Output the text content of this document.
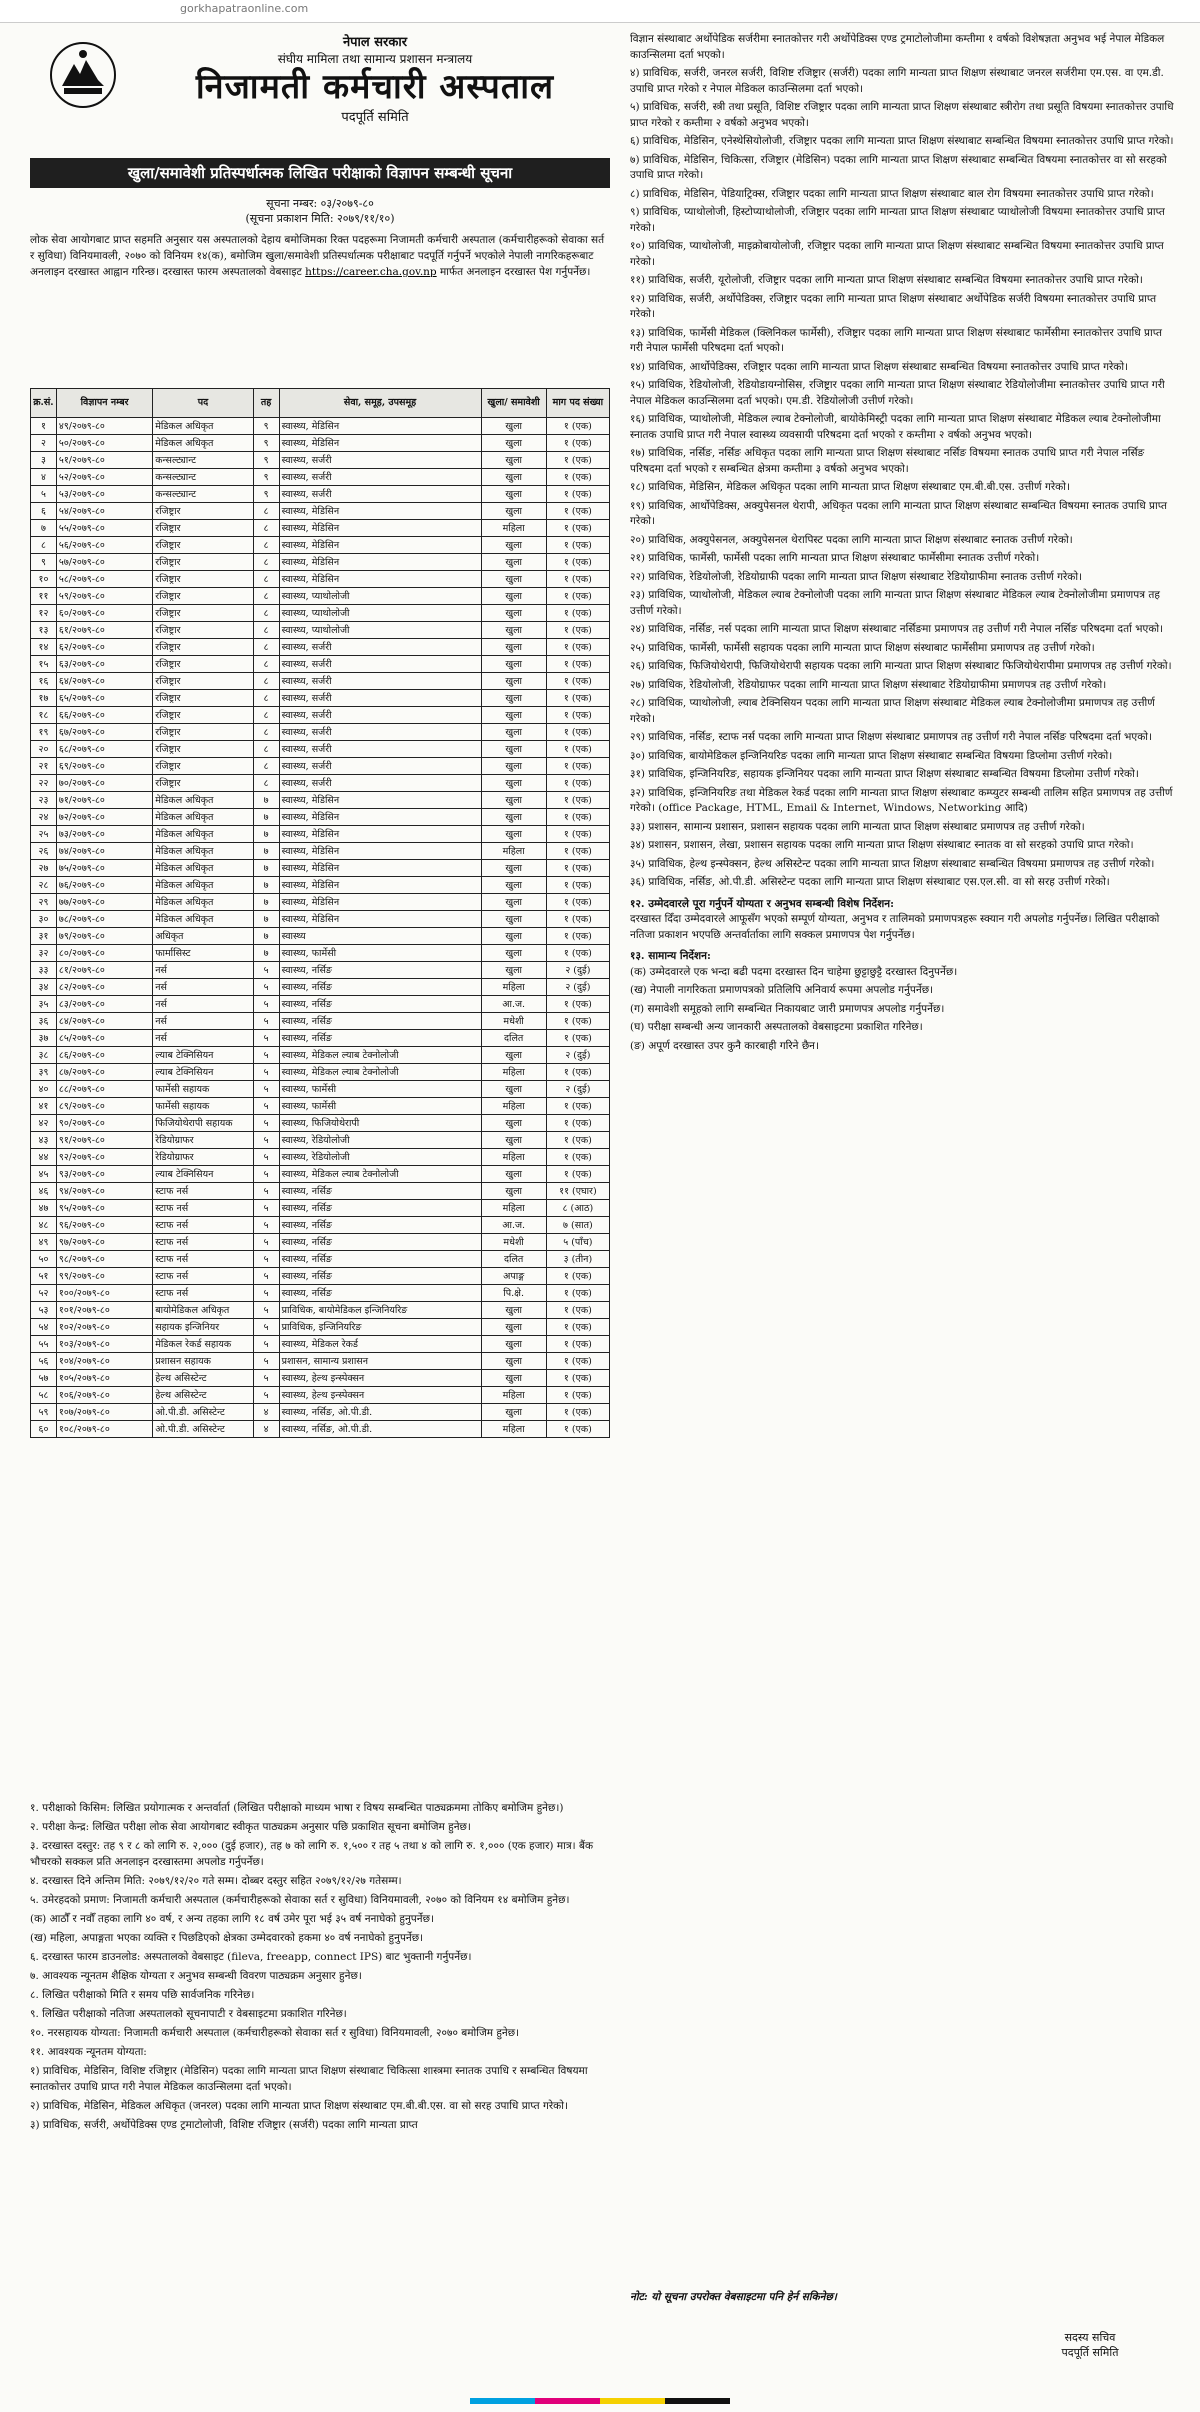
gorkhapatraonline.com
नेपाल सरकार
संघीय मामिला तथा सामान्य प्रशासन मन्त्रालय
निजामती कर्मचारी अस्पताल
पदपूर्ति समिति
खुला/समावेशी प्रतिस्पर्धात्मक लिखित परीक्षाको विज्ञापन सम्बन्धी सूचना
सूचना नम्बर: ०३/२०७९-८०
(सूचना प्रकाशन मिति: २०७९/११/१०)
लोक सेवा आयोगबाट प्राप्त सहमति अनुसार यस अस्पतालको देहाय बमोजिमका रिक्त पदहरूमा निजामती कर्मचारी अस्पताल (कर्मचारीहरूको सेवाका सर्त र सुविधा) विनियमावली, २०७० को विनियम १४(क), बमोजिम खुला/समावेशी प्रतिस्पर्धात्मक परीक्षाबाट पदपूर्ति गर्नुपर्ने भएकोले नेपाली नागरिकहरूबाट अनलाइन दरखास्त आह्वान गरिन्छ। दरखास्त फारम अस्पतालको वेबसाइट https://career.cha.gov.np मार्फत अनलाइन दरखास्त पेश गर्नुपर्नेछ।
क्र.सं.	विज्ञापन नम्बर	पद	तह	सेवा, समूह, उपसमूह	खुला/ समावेशी	माग पद संख्या
१	४९/२०७९-८०	मेडिकल अधिकृत	९	स्वास्थ्य, मेडिसिन	खुला	१ (एक)
२	५०/२०७९-८०	मेडिकल अधिकृत	९	स्वास्थ्य, मेडिसिन	खुला	१ (एक)
३	५१/२०७९-८०	कन्सल्ट्यान्ट	९	स्वास्थ्य, सर्जरी	खुला	१ (एक)
४	५२/२०७९-८०	कन्सल्ट्यान्ट	९	स्वास्थ्य, सर्जरी	खुला	१ (एक)
५	५३/२०७९-८०	कन्सल्ट्यान्ट	९	स्वास्थ्य, सर्जरी	खुला	१ (एक)
६	५४/२०७९-८०	रजिष्ट्रार	८	स्वास्थ्य, मेडिसिन	खुला	१ (एक)
७	५५/२०७९-८०	रजिष्ट्रार	८	स्वास्थ्य, मेडिसिन	महिला	१ (एक)
८	५६/२०७९-८०	रजिष्ट्रार	८	स्वास्थ्य, मेडिसिन	खुला	१ (एक)
९	५७/२०७९-८०	रजिष्ट्रार	८	स्वास्थ्य, मेडिसिन	खुला	१ (एक)
१०	५८/२०७९-८०	रजिष्ट्रार	८	स्वास्थ्य, मेडिसिन	खुला	१ (एक)
११	५९/२०७९-८०	रजिष्ट्रार	८	स्वास्थ्य, प्याथोलोजी	खुला	१ (एक)
१२	६०/२०७९-८०	रजिष्ट्रार	८	स्वास्थ्य, प्याथोलोजी	खुला	१ (एक)
१३	६१/२०७९-८०	रजिष्ट्रार	८	स्वास्थ्य, प्याथोलोजी	खुला	१ (एक)
१४	६२/२०७९-८०	रजिष्ट्रार	८	स्वास्थ्य, सर्जरी	खुला	१ (एक)
१५	६३/२०७९-८०	रजिष्ट्रार	८	स्वास्थ्य, सर्जरी	खुला	१ (एक)
१६	६४/२०७९-८०	रजिष्ट्रार	८	स्वास्थ्य, सर्जरी	खुला	१ (एक)
१७	६५/२०७९-८०	रजिष्ट्रार	८	स्वास्थ्य, सर्जरी	खुला	१ (एक)
१८	६६/२०७९-८०	रजिष्ट्रार	८	स्वास्थ्य, सर्जरी	खुला	१ (एक)
१९	६७/२०७९-८०	रजिष्ट्रार	८	स्वास्थ्य, सर्जरी	खुला	१ (एक)
२०	६८/२०७९-८०	रजिष्ट्रार	८	स्वास्थ्य, सर्जरी	खुला	१ (एक)
२१	६९/२०७९-८०	रजिष्ट्रार	८	स्वास्थ्य, सर्जरी	खुला	१ (एक)
२२	७०/२०७९-८०	रजिष्ट्रार	८	स्वास्थ्य, सर्जरी	खुला	१ (एक)
२३	७१/२०७९-८०	मेडिकल अधिकृत	७	स्वास्थ्य, मेडिसिन	खुला	१ (एक)
२४	७२/२०७९-८०	मेडिकल अधिकृत	७	स्वास्थ्य, मेडिसिन	खुला	१ (एक)
२५	७३/२०७९-८०	मेडिकल अधिकृत	७	स्वास्थ्य, मेडिसिन	खुला	१ (एक)
२६	७४/२०७९-८०	मेडिकल अधिकृत	७	स्वास्थ्य, मेडिसिन	महिला	१ (एक)
२७	७५/२०७९-८०	मेडिकल अधिकृत	७	स्वास्थ्य, मेडिसिन	खुला	१ (एक)
२८	७६/२०७९-८०	मेडिकल अधिकृत	७	स्वास्थ्य, मेडिसिन	खुला	१ (एक)
२९	७७/२०७९-८०	मेडिकल अधिकृत	७	स्वास्थ्य, मेडिसिन	खुला	१ (एक)
३०	७८/२०७९-८०	मेडिकल अधिकृत	७	स्वास्थ्य, मेडिसिन	खुला	१ (एक)
३१	७९/२०७९-८०	अधिकृत	७	स्वास्थ्य	खुला	१ (एक)
३२	८०/२०७९-८०	फार्मासिस्ट	७	स्वास्थ्य, फार्मेसी	खुला	१ (एक)
३३	८१/२०७९-८०	नर्स	५	स्वास्थ्य, नर्सिङ	खुला	२ (दुई)
३४	८२/२०७९-८०	नर्स	५	स्वास्थ्य, नर्सिङ	महिला	२ (दुई)
३५	८३/२०७९-८०	नर्स	५	स्वास्थ्य, नर्सिङ	आ.ज.	१ (एक)
३६	८४/२०७९-८०	नर्स	५	स्वास्थ्य, नर्सिङ	मधेशी	१ (एक)
३७	८५/२०७९-८०	नर्स	५	स्वास्थ्य, नर्सिङ	दलित	१ (एक)
३८	८६/२०७९-८०	ल्याब टेक्निसियन	५	स्वास्थ्य, मेडिकल ल्याब टेक्नोलोजी	खुला	२ (दुई)
३९	८७/२०७९-८०	ल्याब टेक्निसियन	५	स्वास्थ्य, मेडिकल ल्याब टेक्नोलोजी	महिला	१ (एक)
४०	८८/२०७९-८०	फार्मेसी सहायक	५	स्वास्थ्य, फार्मेसी	खुला	२ (दुई)
४१	८९/२०७९-८०	फार्मेसी सहायक	५	स्वास्थ्य, फार्मेसी	महिला	१ (एक)
४२	९०/२०७९-८०	फिजियोथेरापी सहायक	५	स्वास्थ्य, फिजियोथेरापी	खुला	१ (एक)
४३	९१/२०७९-८०	रेडियोग्राफर	५	स्वास्थ्य, रेडियोलोजी	खुला	१ (एक)
४४	९२/२०७९-८०	रेडियोग्राफर	५	स्वास्थ्य, रेडियोलोजी	महिला	१ (एक)
४५	९३/२०७९-८०	ल्याब टेक्निसियन	५	स्वास्थ्य, मेडिकल ल्याब टेक्नोलोजी	खुला	१ (एक)
४६	९४/२०७९-८०	स्टाफ नर्स	५	स्वास्थ्य, नर्सिङ	खुला	११ (एघार)
४७	९५/२०७९-८०	स्टाफ नर्स	५	स्वास्थ्य, नर्सिङ	महिला	८ (आठ)
४८	९६/२०७९-८०	स्टाफ नर्स	५	स्वास्थ्य, नर्सिङ	आ.ज.	७ (सात)
४९	९७/२०७९-८०	स्टाफ नर्स	५	स्वास्थ्य, नर्सिङ	मधेशी	५ (पाँच)
५०	९८/२०७९-८०	स्टाफ नर्स	५	स्वास्थ्य, नर्सिङ	दलित	३ (तीन)
५१	९९/२०७९-८०	स्टाफ नर्स	५	स्वास्थ्य, नर्सिङ	अपाङ्ग	१ (एक)
५२	१००/२०७९-८०	स्टाफ नर्स	५	स्वास्थ्य, नर्सिङ	पि.क्षे.	१ (एक)
५३	१०१/२०७९-८०	बायोमेडिकल अधिकृत	५	प्राविधिक, बायोमेडिकल इन्जिनियरिङ	खुला	१ (एक)
५४	१०२/२०७९-८०	सहायक इन्जिनियर	५	प्राविधिक, इन्जिनियरिङ	खुला	१ (एक)
५५	१०३/२०७९-८०	मेडिकल रेकर्ड सहायक	५	स्वास्थ्य, मेडिकल रेकर्ड	खुला	१ (एक)
५६	१०४/२०७९-८०	प्रशासन सहायक	५	प्रशासन, सामान्य प्रशासन	खुला	१ (एक)
५७	१०५/२०७९-८०	हेल्थ असिस्टेन्ट	५	स्वास्थ्य, हेल्थ इन्स्पेक्सन	खुला	१ (एक)
५८	१०६/२०७९-८०	हेल्थ असिस्टेन्ट	५	स्वास्थ्य, हेल्थ इन्स्पेक्सन	महिला	१ (एक)
५९	१०७/२०७९-८०	ओ.पी.डी. असिस्टेन्ट	४	स्वास्थ्य, नर्सिङ, ओ.पी.डी.	खुला	१ (एक)
६०	१०८/२०७९-८०	ओ.पी.डी. असिस्टेन्ट	४	स्वास्थ्य, नर्सिङ, ओ.पी.डी.	महिला	१ (एक)

१. परीक्षाको किसिम: लिखित प्रयोगात्मक र अन्तर्वार्ता (लिखित परीक्षाको माध्यम भाषा र विषय सम्बन्धित पाठ्यक्रममा तोकिए बमोजिम हुनेछ।)

२. परीक्षा केन्द्र: लिखित परीक्षा लोक सेवा आयोगबाट स्वीकृत पाठ्यक्रम अनुसार पछि प्रकाशित सूचना बमोजिम हुनेछ।

३. दरखास्त दस्तुर: तह ९ र ८ को लागि रु. २,००० (दुई हजार), तह ७ को लागि रु. १,५०० र तह ५ तथा ४ को लागि रु. १,००० (एक हजार) मात्र। बैंक भौचरको सक्कल प्रति अनलाइन दरखास्तमा अपलोड गर्नुपर्नेछ।

४. दरखास्त दिने अन्तिम मिति: २०७९/१२/२० गते सम्म। दोब्बर दस्तुर सहित २०७९/१२/२७ गतेसम्म।

५. उमेरहदको प्रमाण: निजामती कर्मचारी अस्पताल (कर्मचारीहरूको सेवाका सर्त र सुविधा) विनियमावली, २०७० को विनियम १४ बमोजिम हुनेछ।

(क) आठौँ र नवौँ तहका लागि ४० वर्ष, र अन्य तहका लागि १८ वर्ष उमेर पूरा भई ३५ वर्ष ननाघेको हुनुपर्नेछ।

(ख) महिला, अपाङ्गता भएका व्यक्ति र पिछडिएको क्षेत्रका उम्मेदवारको हकमा ४० वर्ष ननाघेको हुनुपर्नेछ।

६. दरखास्त फारम डाउनलोड: अस्पतालको वेबसाइट (fileva, freeapp, connect IPS) बाट भुक्तानी गर्नुपर्नेछ।

७. आवश्यक न्यूनतम शैक्षिक योग्यता र अनुभव सम्बन्धी विवरण पाठ्यक्रम अनुसार हुनेछ।

८. लिखित परीक्षाको मिति र समय पछि सार्वजनिक गरिनेछ।

९. लिखित परीक्षाको नतिजा अस्पतालको सूचनापाटी र वेबसाइटमा प्रकाशित गरिनेछ।

१०. नरसहायक योग्यता: निजामती कर्मचारी अस्पताल (कर्मचारीहरूको सेवाका सर्त र सुविधा) विनियमावली, २०७० बमोजिम हुनेछ।

११. आवश्यक न्यूनतम योग्यता:

१) प्राविधिक, मेडिसिन, विशिष्ट रजिष्ट्रार (मेडिसिन) पदका लागि मान्यता प्राप्त शिक्षण संस्थाबाट चिकित्सा शास्त्रमा स्नातक उपाधि र सम्बन्धित विषयमा स्नातकोत्तर उपाधि प्राप्त गरी नेपाल मेडिकल काउन्सिलमा दर्ता भएको।

२) प्राविधिक, मेडिसिन, मेडिकल अधिकृत (जनरल) पदका लागि मान्यता प्राप्त शिक्षण संस्थाबाट एम.बी.बी.एस. वा सो सरह उपाधि प्राप्त गरेको।

३) प्राविधिक, सर्जरी, अर्थोपेडिक्स एण्ड ट्रमाटोलोजी, विशिष्ट रजिष्ट्रार (सर्जरी) पदका लागि मान्यता प्राप्त

विज्ञान संस्थाबाट अर्थोपेडिक सर्जरीमा स्नातकोत्तर गरी अर्थोपेडिक्स एण्ड ट्रमाटोलोजीमा कम्तीमा १ वर्षको विशेषज्ञता अनुभव भई नेपाल मेडिकल काउन्सिलमा दर्ता भएको।
४) प्राविधिक, सर्जरी, जनरल सर्जरी, विशिष्ट रजिष्ट्रार (सर्जरी) पदका लागि मान्यता प्राप्त शिक्षण संस्थाबाट जनरल सर्जरीमा एम.एस. वा एम.डी. उपाधि प्राप्त गरेको र नेपाल मेडिकल काउन्सिलमा दर्ता भएको।
५) प्राविधिक, सर्जरी, स्त्री तथा प्रसूति, विशिष्ट रजिष्ट्रार पदका लागि मान्यता प्राप्त शिक्षण संस्थाबाट स्त्रीरोग तथा प्रसूति विषयमा स्नातकोत्तर उपाधि प्राप्त गरेको र कम्तीमा २ वर्षको अनुभव भएको।
६) प्राविधिक, मेडिसिन, एनेस्थेसियोलोजी, रजिष्ट्रार पदका लागि मान्यता प्राप्त शिक्षण संस्थाबाट सम्बन्धित विषयमा स्नातकोत्तर उपाधि प्राप्त गरेको।
७) प्राविधिक, मेडिसिन, चिकित्सा, रजिष्ट्रार (मेडिसिन) पदका लागि मान्यता प्राप्त शिक्षण संस्थाबाट सम्बन्धित विषयमा स्नातकोत्तर वा सो सरहको उपाधि प्राप्त गरेको।
८) प्राविधिक, मेडिसिन, पेडियाट्रिक्स, रजिष्ट्रार पदका लागि मान्यता प्राप्त शिक्षण संस्थाबाट बाल रोग विषयमा स्नातकोत्तर उपाधि प्राप्त गरेको।
९) प्राविधिक, प्याथोलोजी, हिस्टोप्याथोलोजी, रजिष्ट्रार पदका लागि मान्यता प्राप्त शिक्षण संस्थाबाट प्याथोलोजी विषयमा स्नातकोत्तर उपाधि प्राप्त गरेको।
१०) प्राविधिक, प्याथोलोजी, माइक्रोबायोलोजी, रजिष्ट्रार पदका लागि मान्यता प्राप्त शिक्षण संस्थाबाट सम्बन्धित विषयमा स्नातकोत्तर उपाधि प्राप्त गरेको।
११) प्राविधिक, सर्जरी, यूरोलोजी, रजिष्ट्रार पदका लागि मान्यता प्राप्त शिक्षण संस्थाबाट सम्बन्धित विषयमा स्नातकोत्तर उपाधि प्राप्त गरेको।
१२) प्राविधिक, सर्जरी, अर्थोपेडिक्स, रजिष्ट्रार पदका लागि मान्यता प्राप्त शिक्षण संस्थाबाट अर्थोपेडिक सर्जरी विषयमा स्नातकोत्तर उपाधि प्राप्त गरेको।
१३) प्राविधिक, फार्मेसी मेडिकल (क्लिनिकल फार्मेसी), रजिष्ट्रार पदका लागि मान्यता प्राप्त शिक्षण संस्थाबाट फार्मेसीमा स्नातकोत्तर उपाधि प्राप्त गरी नेपाल फार्मेसी परिषदमा दर्ता भएको।
१४) प्राविधिक, आर्थोपेडिक्स, रजिष्ट्रार पदका लागि मान्यता प्राप्त शिक्षण संस्थाबाट सम्बन्धित विषयमा स्नातकोत्तर उपाधि प्राप्त गरेको।
१५) प्राविधिक, रेडियोलोजी, रेडियोडायग्नोसिस, रजिष्ट्रार पदका लागि मान्यता प्राप्त शिक्षण संस्थाबाट रेडियोलोजीमा स्नातकोत्तर उपाधि प्राप्त गरी नेपाल मेडिकल काउन्सिलमा दर्ता भएको। एम.डी. रेडियोलोजी उत्तीर्ण गरेको।
१६) प्राविधिक, प्याथोलोजी, मेडिकल ल्याब टेक्नोलोजी, बायोकेमिस्ट्री पदका लागि मान्यता प्राप्त शिक्षण संस्थाबाट मेडिकल ल्याब टेक्नोलोजीमा स्नातक उपाधि प्राप्त गरी नेपाल स्वास्थ्य व्यवसायी परिषदमा दर्ता भएको र कम्तीमा २ वर्षको अनुभव भएको।
१७) प्राविधिक, नर्सिङ, नर्सिङ अधिकृत पदका लागि मान्यता प्राप्त शिक्षण संस्थाबाट नर्सिङ विषयमा स्नातक उपाधि प्राप्त गरी नेपाल नर्सिङ परिषदमा दर्ता भएको र सम्बन्धित क्षेत्रमा कम्तीमा ३ वर्षको अनुभव भएको।
१८) प्राविधिक, मेडिसिन, मेडिकल अधिकृत पदका लागि मान्यता प्राप्त शिक्षण संस्थाबाट एम.बी.बी.एस. उत्तीर्ण गरेको।
१९) प्राविधिक, आर्थोपेडिक्स, अक्युपेसनल थेरापी, अधिकृत पदका लागि मान्यता प्राप्त शिक्षण संस्थाबाट सम्बन्धित विषयमा स्नातक उपाधि प्राप्त गरेको।
२०) प्राविधिक, अक्युपेसनल, अक्युपेसनल थेरापिस्ट पदका लागि मान्यता प्राप्त शिक्षण संस्थाबाट स्नातक उत्तीर्ण गरेको।
२१) प्राविधिक, फार्मेसी, फार्मेसी पदका लागि मान्यता प्राप्त शिक्षण संस्थाबाट फार्मेसीमा स्नातक उत्तीर्ण गरेको।
२२) प्राविधिक, रेडियोलोजी, रेडियोग्राफी पदका लागि मान्यता प्राप्त शिक्षण संस्थाबाट रेडियोग्राफीमा स्नातक उत्तीर्ण गरेको।
२३) प्राविधिक, प्याथोलोजी, मेडिकल ल्याब टेक्नोलोजी पदका लागि मान्यता प्राप्त शिक्षण संस्थाबाट मेडिकल ल्याब टेक्नोलोजीमा प्रमाणपत्र तह उत्तीर्ण गरेको।
२४) प्राविधिक, नर्सिङ, नर्स पदका लागि मान्यता प्राप्त शिक्षण संस्थाबाट नर्सिङमा प्रमाणपत्र तह उत्तीर्ण गरी नेपाल नर्सिङ परिषदमा दर्ता भएको।
२५) प्राविधिक, फार्मेसी, फार्मेसी सहायक पदका लागि मान्यता प्राप्त शिक्षण संस्थाबाट फार्मेसीमा प्रमाणपत्र तह उत्तीर्ण गरेको।
२६) प्राविधिक, फिजियोथेरापी, फिजियोथेरापी सहायक पदका लागि मान्यता प्राप्त शिक्षण संस्थाबाट फिजियोथेरापीमा प्रमाणपत्र तह उत्तीर्ण गरेको।
२७) प्राविधिक, रेडियोलोजी, रेडियोग्राफर पदका लागि मान्यता प्राप्त शिक्षण संस्थाबाट रेडियोग्राफीमा प्रमाणपत्र तह उत्तीर्ण गरेको।
२८) प्राविधिक, प्याथोलोजी, ल्याब टेक्निसियन पदका लागि मान्यता प्राप्त शिक्षण संस्थाबाट मेडिकल ल्याब टेक्नोलोजीमा प्रमाणपत्र तह उत्तीर्ण गरेको।
२९) प्राविधिक, नर्सिङ, स्टाफ नर्स पदका लागि मान्यता प्राप्त शिक्षण संस्थाबाट प्रमाणपत्र तह उत्तीर्ण गरी नेपाल नर्सिङ परिषदमा दर्ता भएको।
३०) प्राविधिक, बायोमेडिकल इन्जिनियरिङ पदका लागि मान्यता प्राप्त शिक्षण संस्थाबाट सम्बन्धित विषयमा डिप्लोमा उत्तीर्ण गरेको।
३१) प्राविधिक, इन्जिनियरिङ, सहायक इन्जिनियर पदका लागि मान्यता प्राप्त शिक्षण संस्थाबाट सम्बन्धित विषयमा डिप्लोमा उत्तीर्ण गरेको।
३२) प्राविधिक, इन्जिनियरिङ तथा मेडिकल रेकर्ड पदका लागि मान्यता प्राप्त शिक्षण संस्थाबाट कम्प्युटर सम्बन्धी तालिम सहित प्रमाणपत्र तह उत्तीर्ण गरेको। (office Package, HTML, Email & Internet, Windows, Networking आदि)
३३) प्रशासन, सामान्य प्रशासन, प्रशासन सहायक पदका लागि मान्यता प्राप्त शिक्षण संस्थाबाट प्रमाणपत्र तह उत्तीर्ण गरेको।
३४) प्रशासन, प्रशासन, लेखा, प्रशासन सहायक पदका लागि मान्यता प्राप्त शिक्षण संस्थाबाट स्नातक वा सो सरहको उपाधि प्राप्त गरेको।
३५) प्राविधिक, हेल्थ इन्स्पेक्सन, हेल्थ असिस्टेन्ट पदका लागि मान्यता प्राप्त शिक्षण संस्थाबाट सम्बन्धित विषयमा प्रमाणपत्र तह उत्तीर्ण गरेको।
३६) प्राविधिक, नर्सिङ, ओ.पी.डी. असिस्टेन्ट पदका लागि मान्यता प्राप्त शिक्षण संस्थाबाट एस.एल.सी. वा सो सरह उत्तीर्ण गरेको।
१२. उम्मेदवारले पूरा गर्नुपर्ने योग्यता र अनुभव सम्बन्धी विशेष निर्देशन:
दरखास्त दिँदा उम्मेदवारले आफूसँग भएको सम्पूर्ण योग्यता, अनुभव र तालिमको प्रमाणपत्रहरू स्क्यान गरी अपलोड गर्नुपर्नेछ। लिखित परीक्षाको नतिजा प्रकाशन भएपछि अन्तर्वार्ताका लागि सक्कल प्रमाणपत्र पेश गर्नुपर्नेछ।
१३. सामान्य निर्देशन:
(क) उम्मेदवारले एक भन्दा बढी पदमा दरखास्त दिन चाहेमा छुट्टाछुट्टै दरखास्त दिनुपर्नेछ।
(ख) नेपाली नागरिकता प्रमाणपत्रको प्रतिलिपि अनिवार्य रूपमा अपलोड गर्नुपर्नेछ।
(ग) समावेशी समूहको लागि सम्बन्धित निकायबाट जारी प्रमाणपत्र अपलोड गर्नुपर्नेछ।
(घ) परीक्षा सम्बन्धी अन्य जानकारी अस्पतालको वेबसाइटमा प्रकाशित गरिनेछ।
(ङ) अपूर्ण दरखास्त उपर कुनै कारबाही गरिने छैन।
नोट: यो सूचना उपरोक्त वेबसाइटमा पनि हेर्न सकिनेछ।
सदस्य सचिव
पदपूर्ति समिति
